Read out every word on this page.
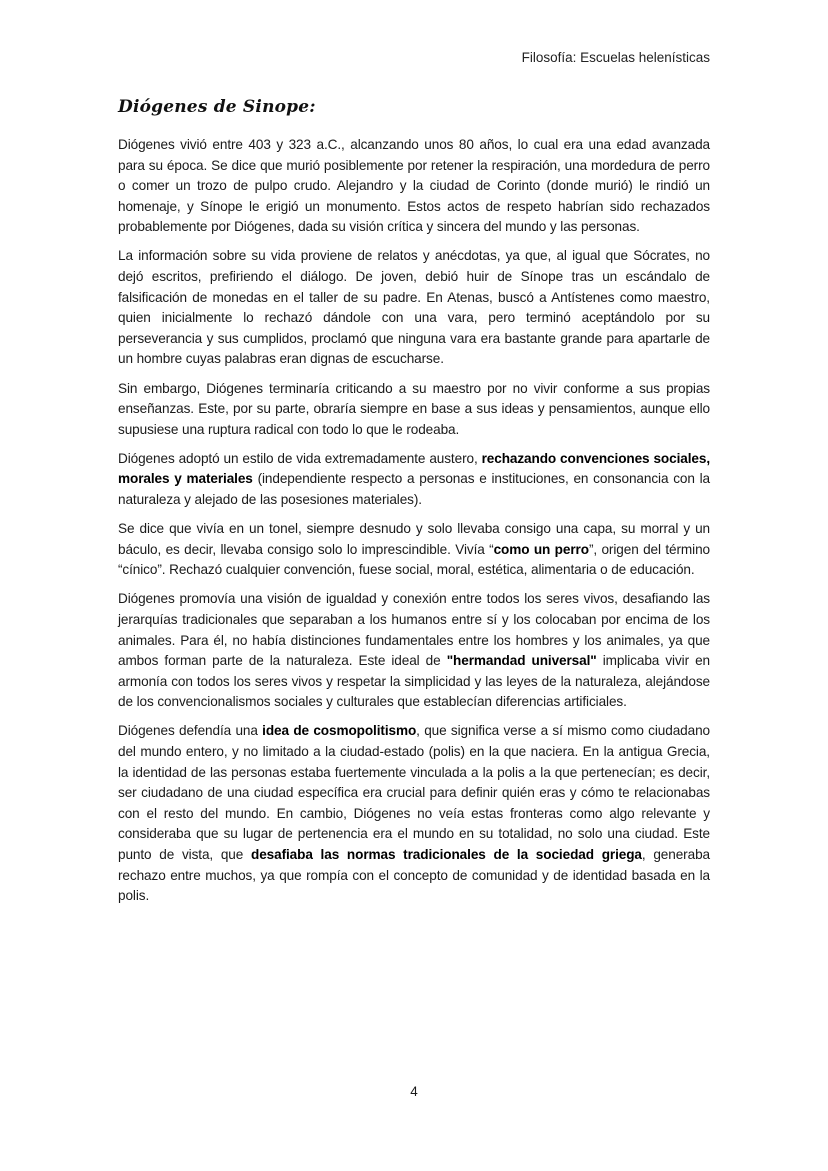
Filosofía: Escuelas helenísticas
Diógenes de Sinope:

Diógenes vivió entre 403 y 323 a.C., alcanzando unos 80 años, lo cual era una edad avanzada para su época. Se dice que murió posiblemente por retener la respiración, una mordedura de perro o comer un trozo de pulpo crudo. Alejandro y la ciudad de Corinto (donde murió) le rindió un homenaje, y Sínope le erigió un monumento. Estos actos de respeto habrían sido rechazados probablemente por Diógenes, dada su visión crítica y sincera del mundo y las personas.

La información sobre su vida proviene de relatos y anécdotas, ya que, al igual que Sócrates, no dejó escritos, prefiriendo el diálogo. De joven, debió huir de Sínope tras un escándalo de falsificación de monedas en el taller de su padre. En Atenas, buscó a Antístenes como maestro, quien inicialmente lo rechazó dándole con una vara, pero terminó aceptándolo por su perseverancia y sus cumplidos, proclamó que ninguna vara era bastante grande para apartarle de un hombre cuyas palabras eran dignas de escucharse.

Sin embargo, Diógenes terminaría criticando a su maestro por no vivir conforme a sus propias enseñanzas. Este, por su parte, obraría siempre en base a sus ideas y pensamientos, aunque ello supusiese una ruptura radical con todo lo que le rodeaba.

Diógenes adoptó un estilo de vida extremadamente austero, rechazando convenciones sociales, morales y materiales (independiente respecto a personas e instituciones, en consonancia con la naturaleza y alejado de las posesiones materiales).

Se dice que vivía en un tonel, siempre desnudo y solo llevaba consigo una capa, su morral y un báculo, es decir, llevaba consigo solo lo imprescindible. Vivía “como un perro”, origen del término “cínico”. Rechazó cualquier convención, fuese social, moral, estética, alimentaria o de educación.

Diógenes promovía una visión de igualdad y conexión entre todos los seres vivos, desafiando las jerarquías tradicionales que separaban a los humanos entre sí y los colocaban por encima de los animales. Para él, no había distinciones fundamentales entre los hombres y los animales, ya que ambos forman parte de la naturaleza. Este ideal de "hermandad universal" implicaba vivir en armonía con todos los seres vivos y respetar la simplicidad y las leyes de la naturaleza, alejándose de los convencionalismos sociales y culturales que establecían diferencias artificiales.

Diógenes defendía una idea de cosmopolitismo, que significa verse a sí mismo como ciudadano del mundo entero, y no limitado a la ciudad-estado (polis) en la que naciera. En la antigua Grecia, la identidad de las personas estaba fuertemente vinculada a la polis a la que pertenecían; es decir, ser ciudadano de una ciudad específica era crucial para definir quién eras y cómo te relacionabas con el resto del mundo. En cambio, Diógenes no veía estas fronteras como algo relevante y consideraba que su lugar de pertenencia era el mundo en su totalidad, no solo una ciudad. Este punto de vista, que desafiaba las normas tradicionales de la sociedad griega, generaba rechazo entre muchos, ya que rompía con el concepto de comunidad y de identidad basada en la polis.

4
